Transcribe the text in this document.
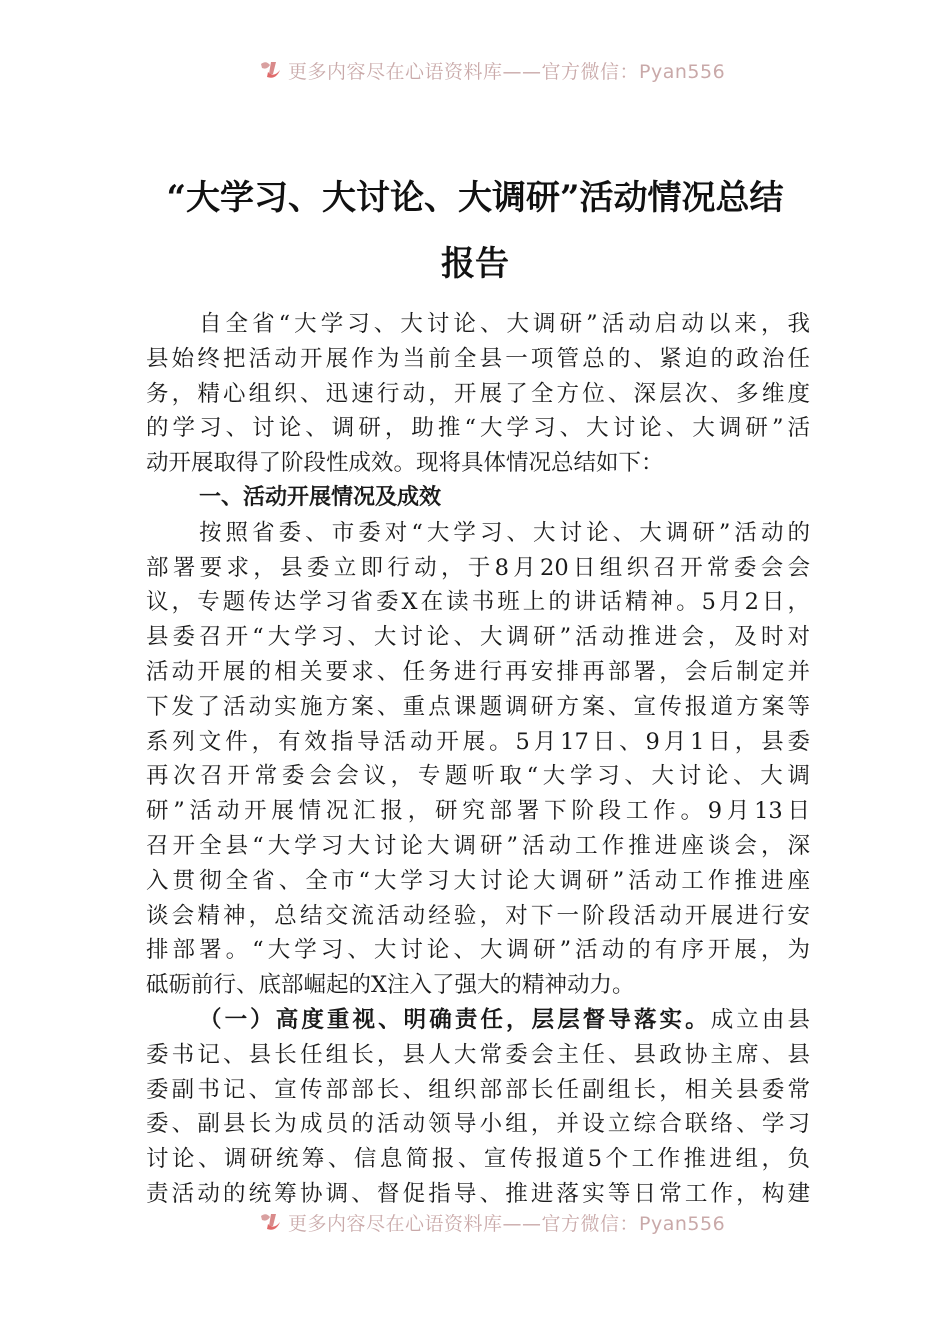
更多内容尽在心语资料库——官方微信：Pyan556
“大学习、大讨论、大调研”活动情况总结
报告
自全省“大学习、大讨论、大调研”活动启动以来，我
县始终把活动开展作为当前全县一项管总的、紧迫的政治任
务，精心组织、迅速行动，开展了全方位、深层次、多维度
的学习、讨论、调研，助推“大学习、大讨论、大调研”活
动开展取得了阶段性成效。现将具体情况总结如下：
一、活动开展情况及成效
按照省委、市委对“大学习、大讨论、大调研”活动的
部署要求，县委立即行动，于8月20日组织召开常委会会
议，专题传达学习省委X在读书班上的讲话精神。5月2日，
县委召开“大学习、大讨论、大调研”活动推进会，及时对
活动开展的相关要求、任务进行再安排再部署，会后制定并
下发了活动实施方案、重点课题调研方案、宣传报道方案等
系列文件，有效指导活动开展。5月17日、9月1日，县委
再次召开常委会会议，专题听取“大学习、大讨论、大调
研”活动开展情况汇报，研究部署下阶段工作。9月13日
召开全县“大学习大讨论大调研”活动工作推进座谈会，深
入贯彻全省、全市“大学习大讨论大调研”活动工作推进座
谈会精神，总结交流活动经验，对下一阶段活动开展进行安
排部署。“大学习、大讨论、大调研”活动的有序开展，为
砥砺前行、底部崛起的X注入了强大的精神动力。
（一）高度重视、明确责任，层层督导落实。成立由县
委书记、县长任组长，县人大常委会主任、县政协主席、县
委副书记、宣传部部长、组织部部长任副组长，相关县委常
委、副县长为成员的活动领导小组，并设立综合联络、学习
讨论、调研统筹、信息简报、宣传报道5个工作推进组，负
责活动的统筹协调、督促指导、推进落实等日常工作，构建
更多内容尽在心语资料库——官方微信：Pyan556
